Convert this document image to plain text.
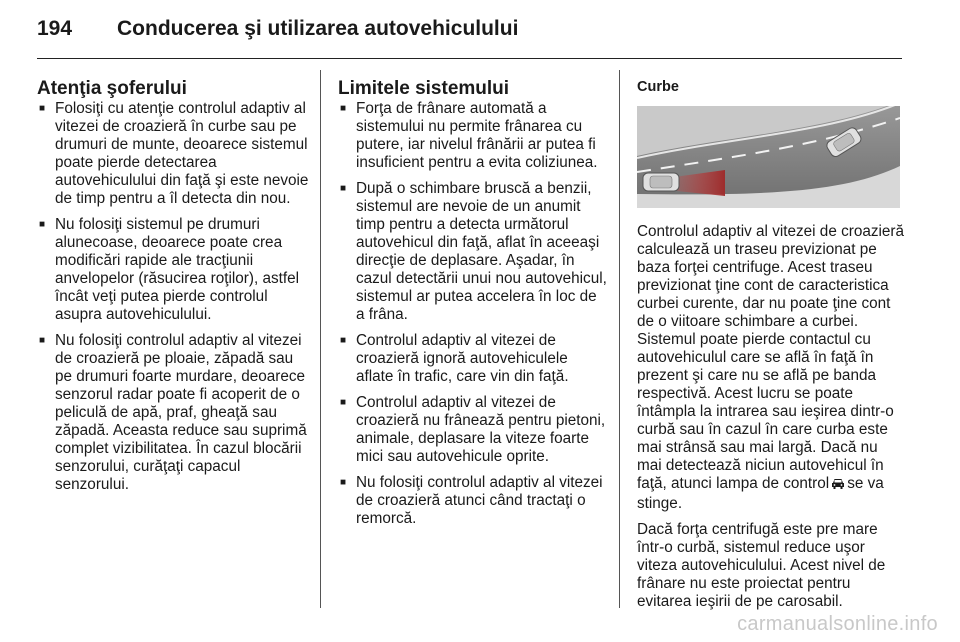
194	Conducerea şi utilizarea autovehiculului
Atenţia şoferului
■ Folosiţi cu atenţie controlul adaptiv al vitezei de croazieră în curbe sau pe drumuri de munte, deoarece sistemul poate pierde detectarea autovehiculului din faţă şi este nevoie de timp pentru a îl detecta din nou.
■ Nu folosiţi sistemul pe drumuri alunecoase, deoarece poate crea modificări rapide ale tracţiunii anvelopelor (răsucirea roţilor), astfel încât veţi putea pierde controlul asupra autovehiculului.
■ Nu folosiţi controlul adaptiv al vitezei de croazieră pe ploaie, zăpadă sau pe drumuri foarte murdare, deoarece senzorul radar poate fi acoperit de o peliculă de apă, praf, gheaţă sau zăpadă. Aceasta reduce sau suprimă complet vizibilitatea. În cazul blocării senzorului, curăţaţi capacul senzorului.
Limitele sistemului
■ Forţa de frânare automată a sistemului nu permite frânarea cu putere, iar nivelul frânării ar putea fi insuficient pentru a evita coliziunea.
■ După o schimbare bruscă a benzii, sistemul are nevoie de un anumit timp pentru a detecta următorul autovehicul din faţă, aflat în aceeaşi direcţie de deplasare. Aşadar, în cazul detectării unui nou autovehicul, sistemul ar putea accelera în loc de a frâna.
■ Controlul adaptiv al vitezei de croazieră ignoră autovehiculele aflate în trafic, care vin din faţă.
■ Controlul adaptiv al vitezei de croazieră nu frânează pentru pietoni, animale, deplasare la viteze foarte mici sau autovehicule oprite.
■ Nu folosiţi controlul adaptiv al vitezei de croazieră atunci când tractaţi o remorcă.
Curbe

Controlul adaptiv al vitezei de croazieră calculează un traseu previzionat pe baza forţei centrifuge. Acest traseu previzionat ţine cont de caracteristica curbei curente, dar nu poate ţine cont de o viitoare schimbare a curbei. Sistemul poate pierde contactul cu autovehiculul care se află în faţă în prezent şi care nu se află pe banda respectivă. Acest lucru se poate întâmpla la intrarea sau ieşirea dintr-o curbă sau în cazul în care curba este mai strânsă sau mai largă. Dacă nu mai detectează niciun autovehicul în faţă, atunci lampa de control se va stinge.

Dacă forţa centrifugă este pre mare într-o curbă, sistemul reduce uşor viteza autovehiculului. Acest nivel de frânare nu este proiectat pentru evitarea ieşirii de pe carosabil.

carmanualsonline.info
